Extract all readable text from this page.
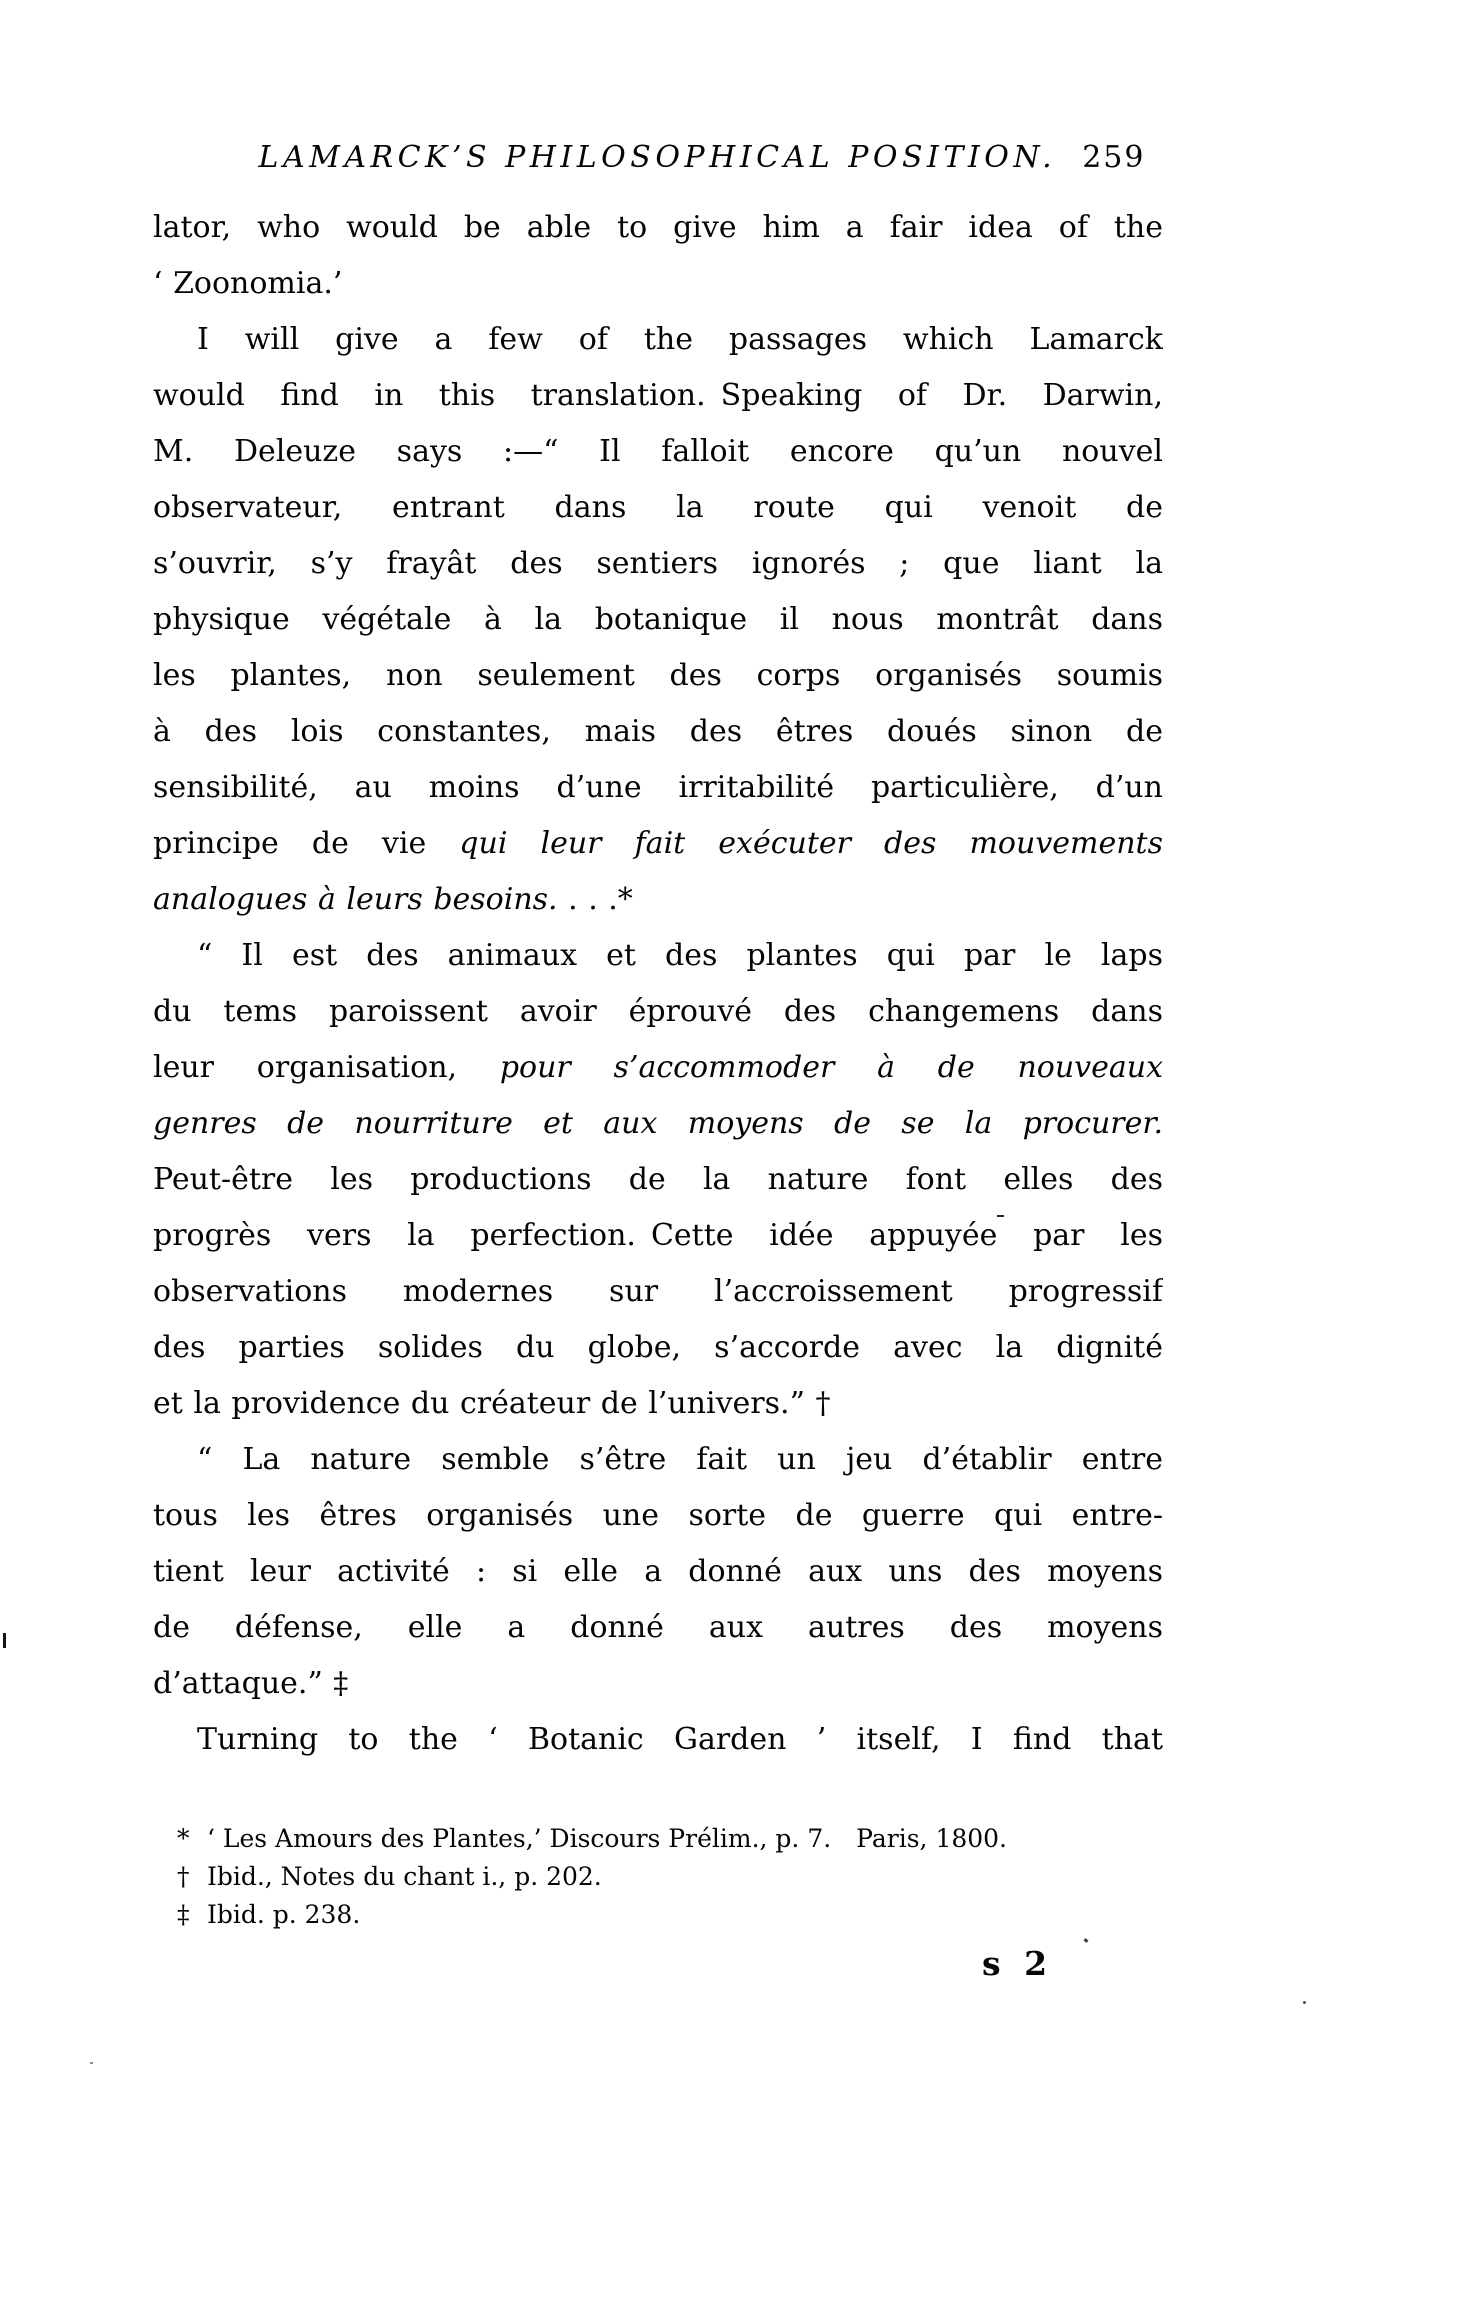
LAMARCK’S PHILOSOPHICAL POSITION. 259
lator, who would be able to give him a fair idea of the
‘ Zoonomia.’
I will give a few of the passages which Lamarck
would find in this translation. Speaking of Dr. Darwin,
M. Deleuze says :—“ Il falloit encore qu’un nouvel
observateur, entrant dans la route qui venoit de
s’ouvrir, s’y frayât des sentiers ignorés ; que liant la
physique végétale à la botanique il nous montrât dans
les plantes, non seulement des corps organisés soumis
à des lois constantes, mais des êtres doués sinon de
sensibilité, au moins d’une irritabilité particulière, d’un
principe de vie qui leur fait exécuter des mouvements
analogues à leurs besoins. . . .*
“ Il est des animaux et des plantes qui par le laps
du tems paroissent avoir éprouvé des changemens dans
leur organisation, pour s’accommoder à de nouveaux
genres de nourriture et aux moyens de se la procurer.
Peut-être les productions de la nature font elles des
progrès vers la perfection. Cette idée appuyée par les
observations modernes sur l’accroissement progressif
des parties solides du globe, s’accorde avec la dignité
et la providence du créateur de l’univers.” †
“ La nature semble s’être fait un jeu d’établir entre
tous les êtres organisés une sorte de guerre qui entre-
tient leur activité : si elle a donné aux uns des moyens
de défense, elle a donné aux autres des moyens
d’attaque.” ‡
Turning to the ‘ Botanic Garden ’ itself, I find that
* ‘ Les Amours des Plantes,’ Discours Prélim., p. 7. Paris, 1800.
† Ibid., Notes du chant i., p. 202.
‡ Ibid. p. 238.
s 2
